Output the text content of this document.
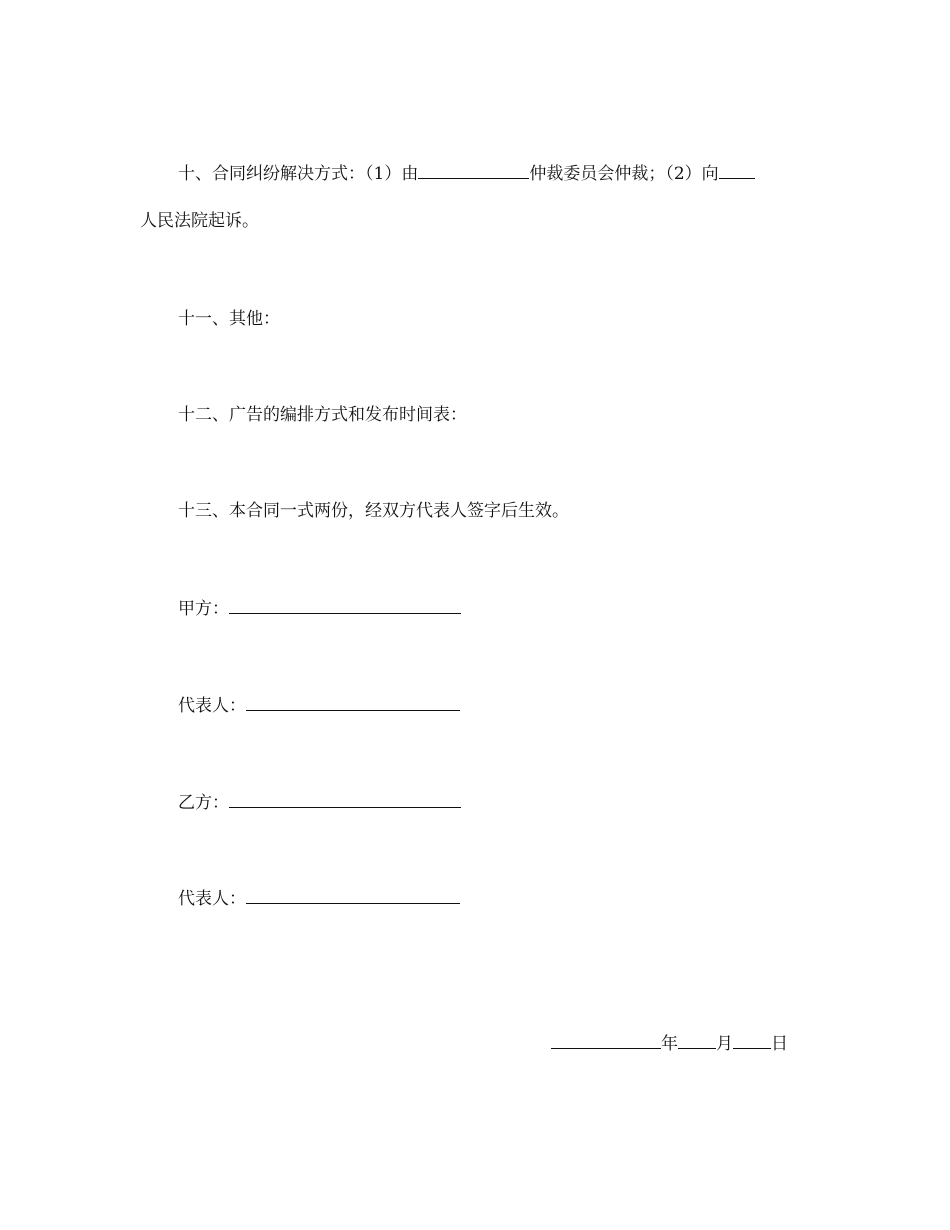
十、合同纠纷解决方式：（1）由	仲裁委员会仲裁；（2）向
人民法院起诉。
十一、其他：
十二、广告的编排方式和发布时间表：
十三、本合同一式两份，经双方代表人签字后生效。
甲方：
代表人：
乙方：
代表人：
年 月 日
